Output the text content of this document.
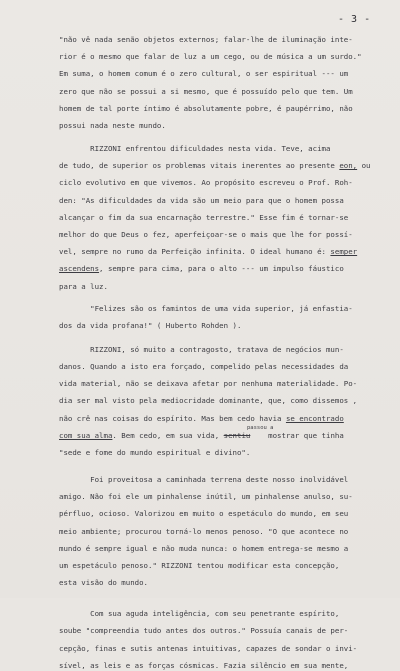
- 3 -
"não vê nada senão objetos externos; falar-lhe de iluminação inte-
rior é o mesmo que falar de luz a um cego, ou de música a um surdo."
Em suma, o homem comum é o zero cultural, o ser espiritual --- um
zero que não se possui a si mesmo, que é possuído pelo que tem. Um
homem de tal porte íntimo é absolutamente pobre, é paupérrimo, não
possui nada neste mundo.
RIZZONI enfrentou dificuldades nesta vida. Teve, acima
de tudo, de superior os problemas vitais inerentes ao presente eon, ou
ciclo evolutivo em que vivemos. Ao propósito escreveu o Prof. Roh-
den: "As dificuldades da vida são um meio para que o homem possa
alcançar o fim da sua encarnação terrestre." Esse fim é tornar-se
melhor do que Deus o fez, aperfeiçoar-se o mais que lhe for possí-
vel, sempre no rumo da Perfeição infinita. O ideal humano é: semper
ascendens, sempre para cima, para o alto --- um impulso fáustico
para a luz.
"Felizes são os famintos de uma vida superior, já enfastia-
dos da vida profana!" ( Huberto Rohden ).
RIZZONI, só muito a contragosto, tratava de negócios mun-
danos. Quando a isto era forçado, compelido pelas necessidades da
vida material, não se deixava afetar por nenhuma materialidade. Po-
dia ser mal visto pela mediocridade dominante, que, como dissemos ,
não crê nas coisas do espírito. Mas bem cedo havia se encontrado
com sua alma. Bem cedo, em sua vida, sentiu    mostrar que tinha
"sede e fome do mundo espiritual e divino".
Foi proveitosa a caminhada terrena deste nosso inolvidável
amigo. Não foi ele um pinhalense inútil, um pinhalense anulso, su-
pérfluo, ocioso. Valorizou em muito o espetáculo do mundo, em seu
meio ambiente; procurou torná-lo menos penoso. "O que acontece no
mundo é sempre igual e não muda nunca: o homem entrega-se mesmo a
um espetáculo penoso." RIZZONI tentou modificar esta concepção,
esta visão do mundo.
Com sua aguda inteligência, com seu penetrante espírito,
soube "compreendia tudo antes dos outros." Possuía canais de per-
cepção, finas e sutis antenas intuitivas, capazes de sondar o invi-
sível, as leis e as forças cósmicas. Fazia silêncio em sua mente,
passou a
